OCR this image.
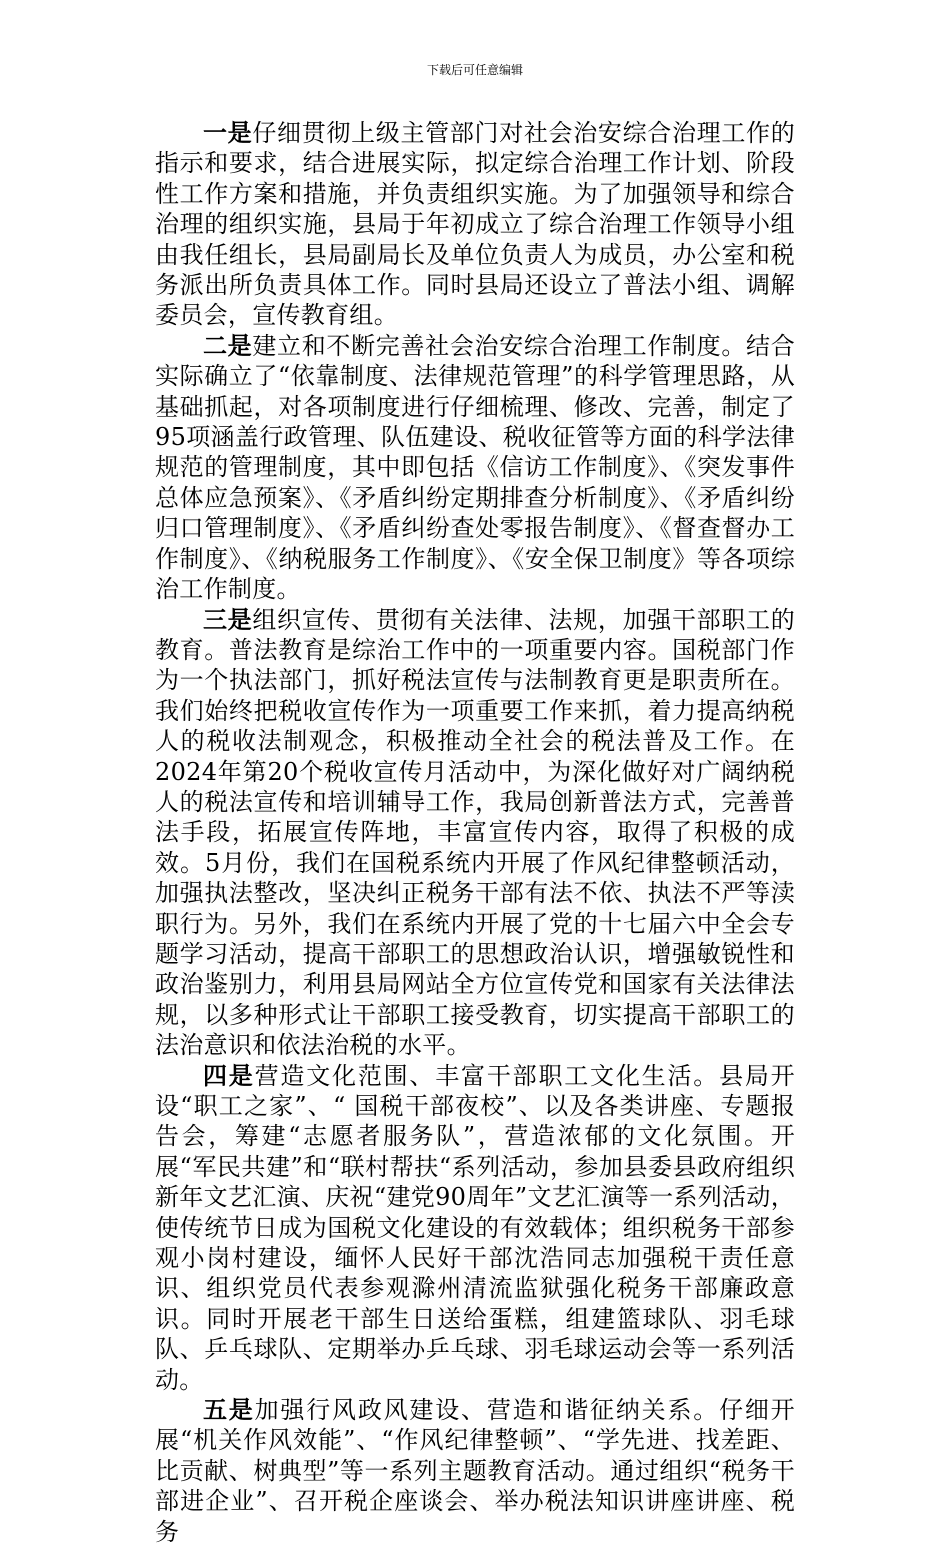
下载后可任意编辑

一是仔细贯彻上级主管部门对社会治安综合治理工作的指示和要求，结合进展实际，拟定综合治理工作计划、阶段性工作方案和措施，并负责组织实施。为了加强领导和综合治理的组织实施，县局于年初成立了综合治理工作领导小组由我任组长，县局副局长及单位负责人为成员，办公室和税务派出所负责具体工作。同时县局还设立了普法小组、调解委员会，宣传教育组。

二是建立和不断完善社会治安综合治理工作制度。结合实际确立了“依靠制度、法律规范管理”的科学管理思路，从基础抓起，对各项制度进行仔细梳理、修改、完善，制定了95项涵盖行政管理、队伍建设、税收征管等方面的科学法律规范的管理制度，其中即包括《信访工作制度》、《突发事件总体应急预案》、《矛盾纠纷定期排查分析制度》、《矛盾纠纷归口管理制度》、《矛盾纠纷查处零报告制度》、《督查督办工作制度》、《纳税服务工作制度》、《安全保卫制度》等各项综治工作制度。

三是组织宣传、贯彻有关法律、法规，加强干部职工的教育。普法教育是综治工作中的一项重要内容。国税部门作为一个执法部门，抓好税法宣传与法制教育更是职责所在。我们始终把税收宣传作为一项重要工作来抓，着力提高纳税人的税收法制观念，积极推动全社会的税法普及工作。在2024年第20个税收宣传月活动中，为深化做好对广阔纳税人的税法宣传和培训辅导工作，我局创新普法方式，完善普法手段，拓展宣传阵地，丰富宣传内容，取得了积极的成效。5月份，我们在国税系统内开展了作风纪律整顿活动，加强执法整改，坚决纠正税务干部有法不依、执法不严等渎职行为。另外，我们在系统内开展了党的十七届六中全会专题学习活动，提高干部职工的思想政治认识，增强敏锐性和政治鉴别力，利用县局网站全方位宣传党和国家有关法律法规，以多种形式让干部职工接受教育，切实提高干部职工的法治意识和依法治税的水平。

四是营造文化范围、丰富干部职工文化生活。县局开设“职工之家”、“ 国税干部夜校”、以及各类讲座、专题报告会，筹建“志愿者服务队”，营造浓郁的文化氛围。开展“军民共建”和“联村帮扶“系列活动，参加县委县政府组织新年文艺汇演、庆祝“建党90周年”文艺汇演等一系列活动，使传统节日成为国税文化建设的有效载体；组织税务干部参观小岗村建设，缅怀人民好干部沈浩同志加强税干责任意识、组织党员代表参观滁州清流监狱强化税务干部廉政意识。同时开展老干部生日送给蛋糕，组建篮球队、羽毛球队、乒乓球队、定期举办乒乓球、羽毛球运动会等一系列活动。

五是加强行风政风建设、营造和谐征纳关系。仔细开展“机关作风效能”、“作风纪律整顿”、“学先进、找差距、比贡献、树典型”等一系列主题教育活动。通过组织“税务干部进企业”、召开税企座谈会、举办税法知识讲座讲座、税务
